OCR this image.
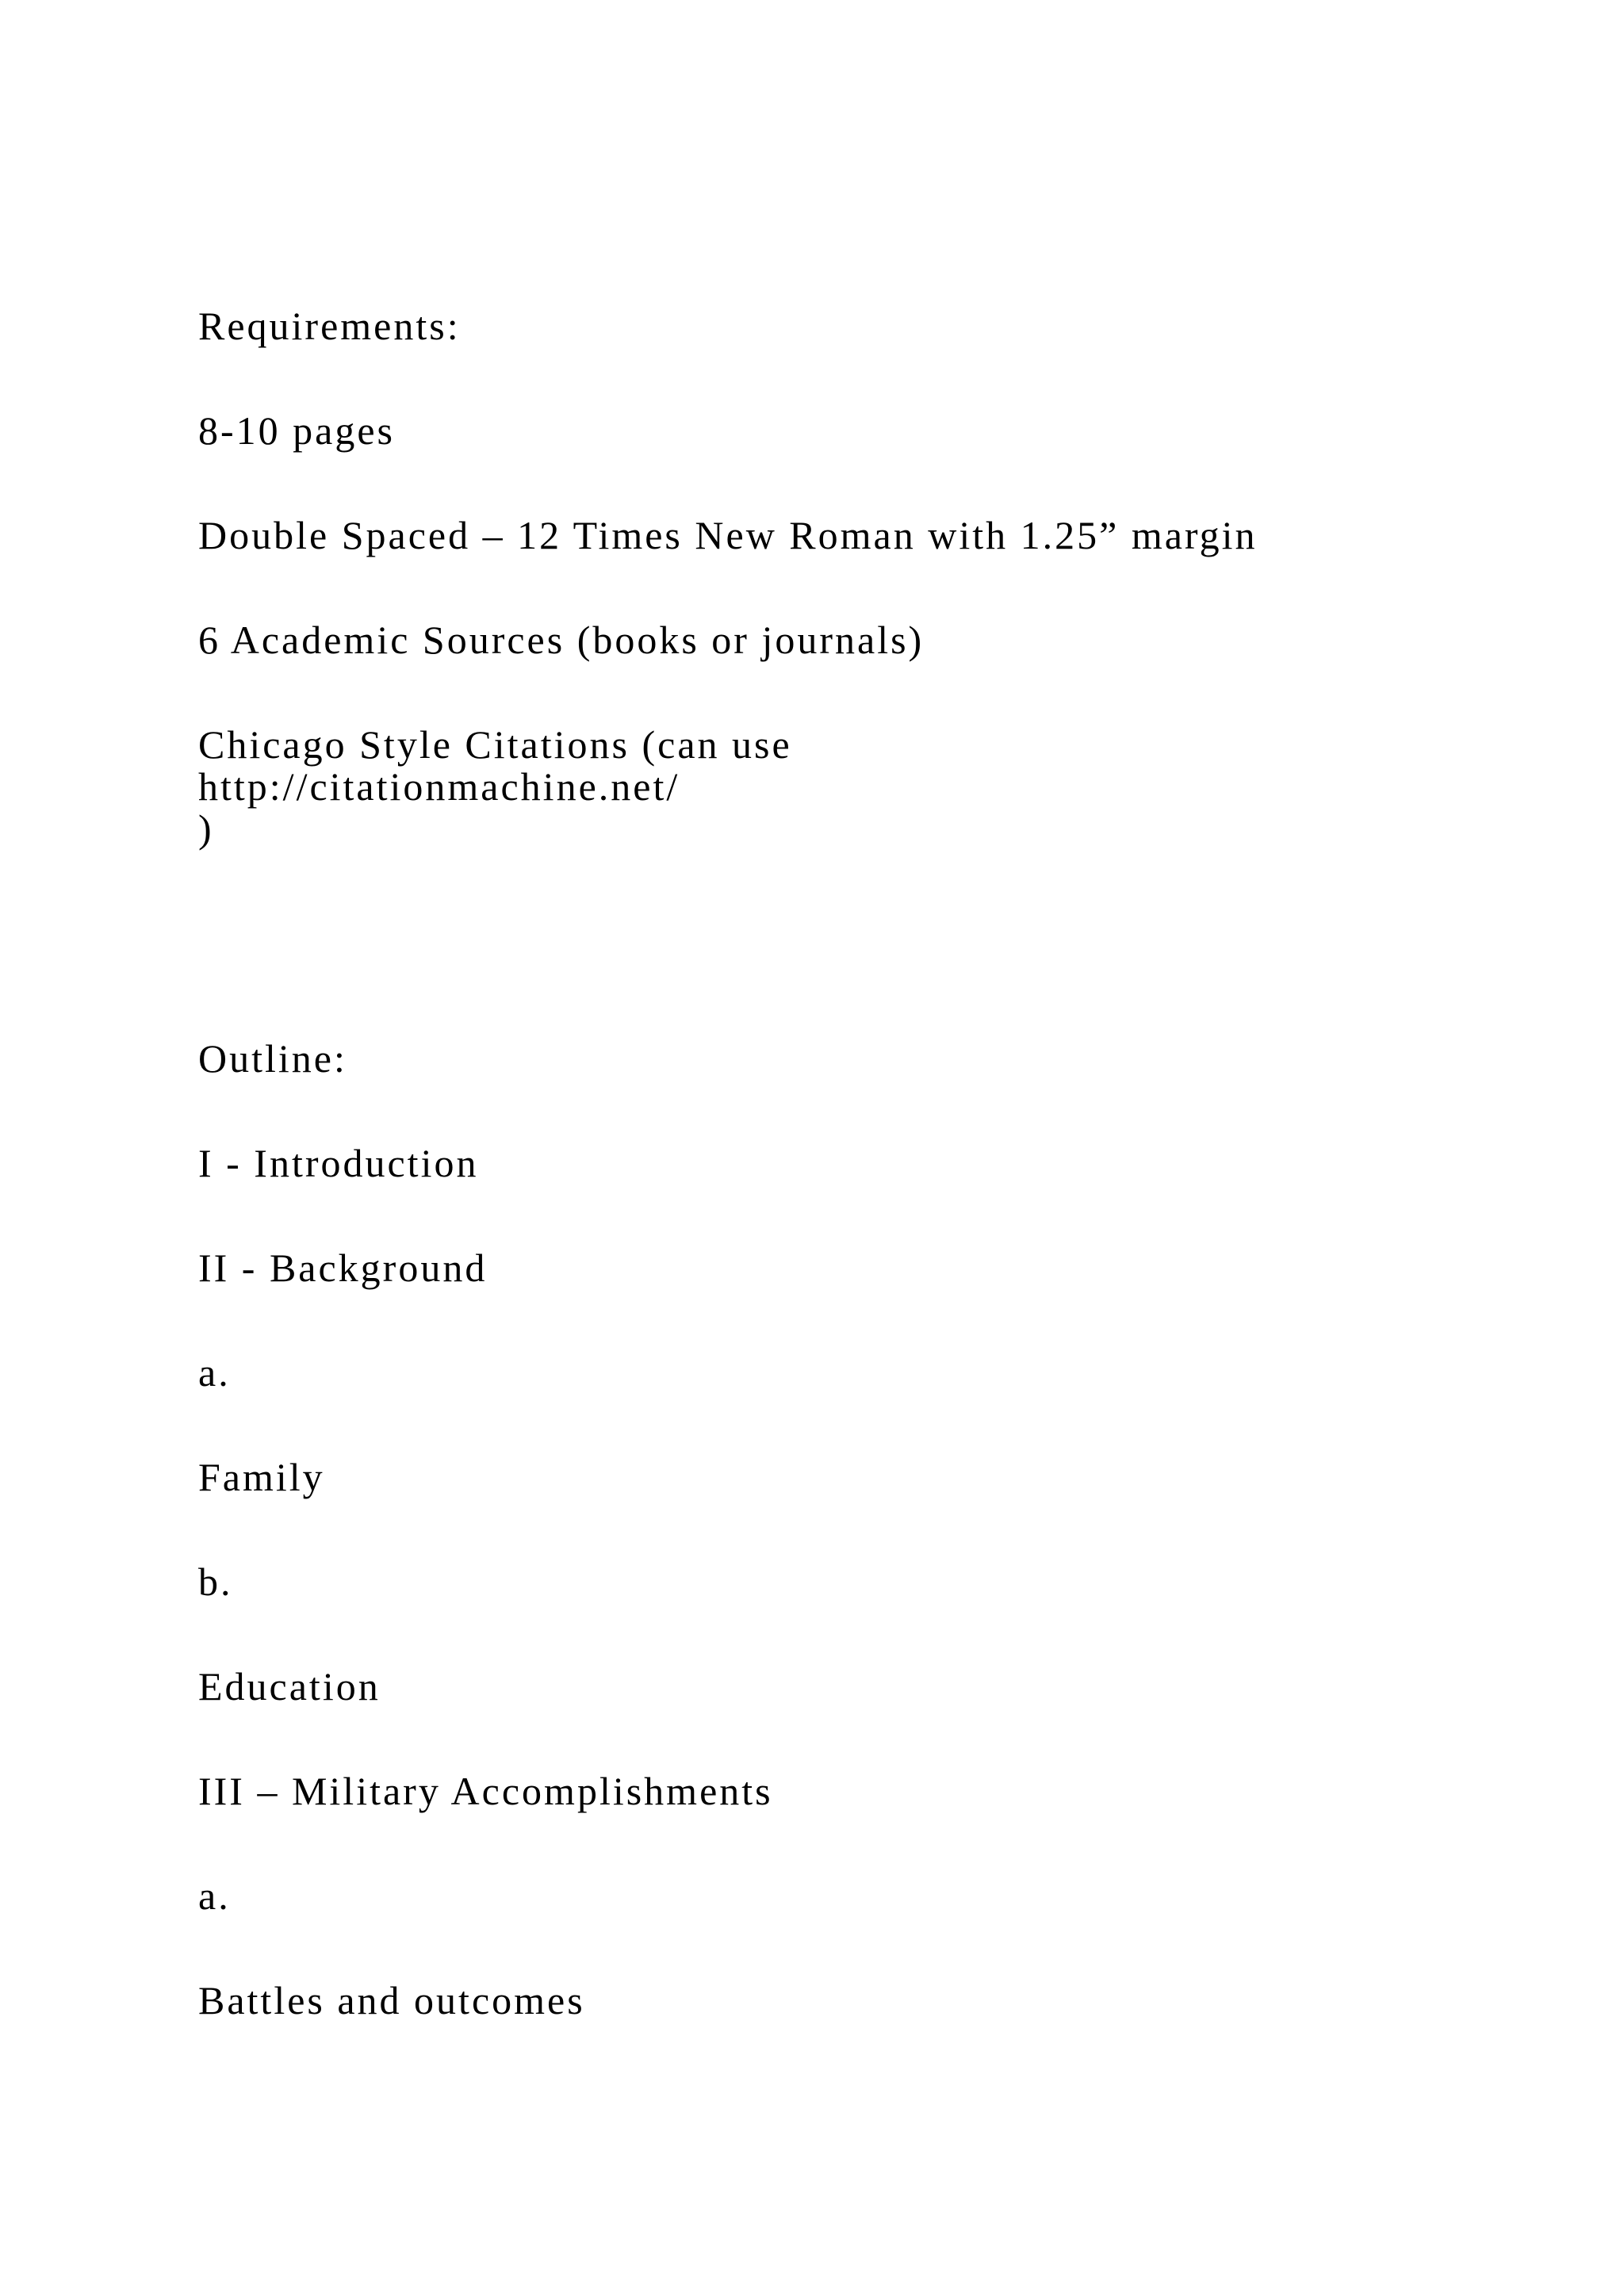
Requirements:
8-10 pages
Double Spaced – 12 Times New Roman with 1.25” margin
6 Academic Sources (books or journals)
Chicago Style Citations (can use
http://citationmachine.net/
)
Outline:
I - Introduction
II - Background
a.
Family
b.
Education
III – Military Accomplishments
a.
Battles and outcomes
